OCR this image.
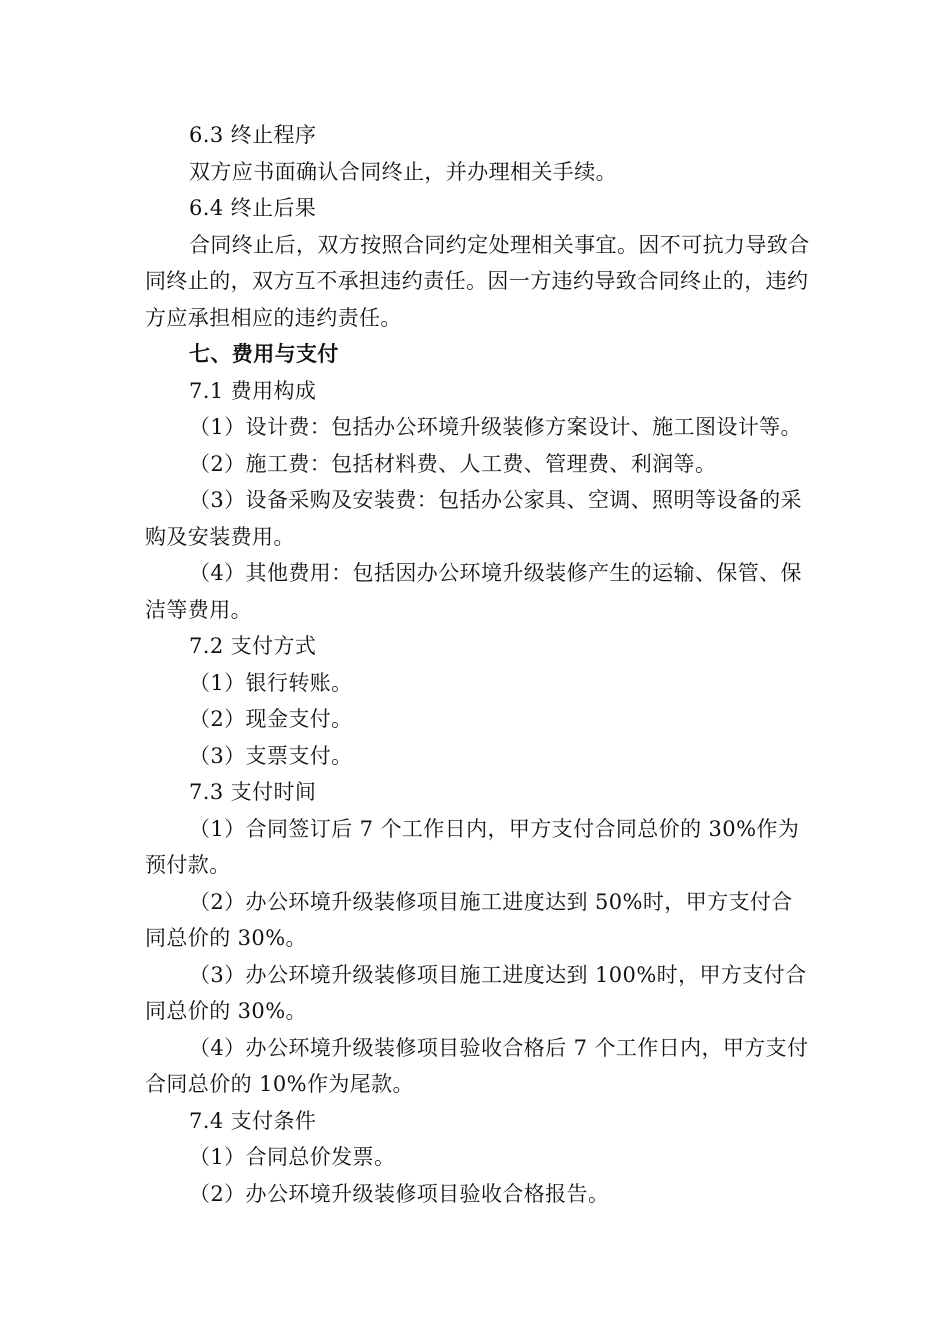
6.3 终止程序

双方应书面确认合同终止，并办理相关手续。

6.4 终止后果

合同终止后，双方按照合同约定处理相关事宜。因不可抗力导致合同终止的，双方互不承担违约责任。因一方违约导致合同终止的，违约方应承担相应的违约责任。

七、费用与支付

7.1 费用构成

（1）设计费：包括办公环境升级装修方案设计、施工图设计等。

（2）施工费：包括材料费、人工费、管理费、利润等。

（3）设备采购及安装费：包括办公家具、空调、照明等设备的采购及安装费用。

（4）其他费用：包括因办公环境升级装修产生的运输、保管、保洁等费用。

7.2 支付方式

（1）银行转账。

（2）现金支付。

（3）支票支付。

7.3 支付时间

（1）合同签订后 7 个工作日内，甲方支付合同总价的 30%作为预付款。

（2）办公环境升级装修项目施工进度达到 50%时，甲方支付合同总价的 30%。

（3）办公环境升级装修项目施工进度达到 100%时，甲方支付合同总价的 30%。

（4）办公环境升级装修项目验收合格后 7 个工作日内，甲方支付合同总价的 10%作为尾款。

7.4 支付条件

（1）合同总价发票。

（2）办公环境升级装修项目验收合格报告。
